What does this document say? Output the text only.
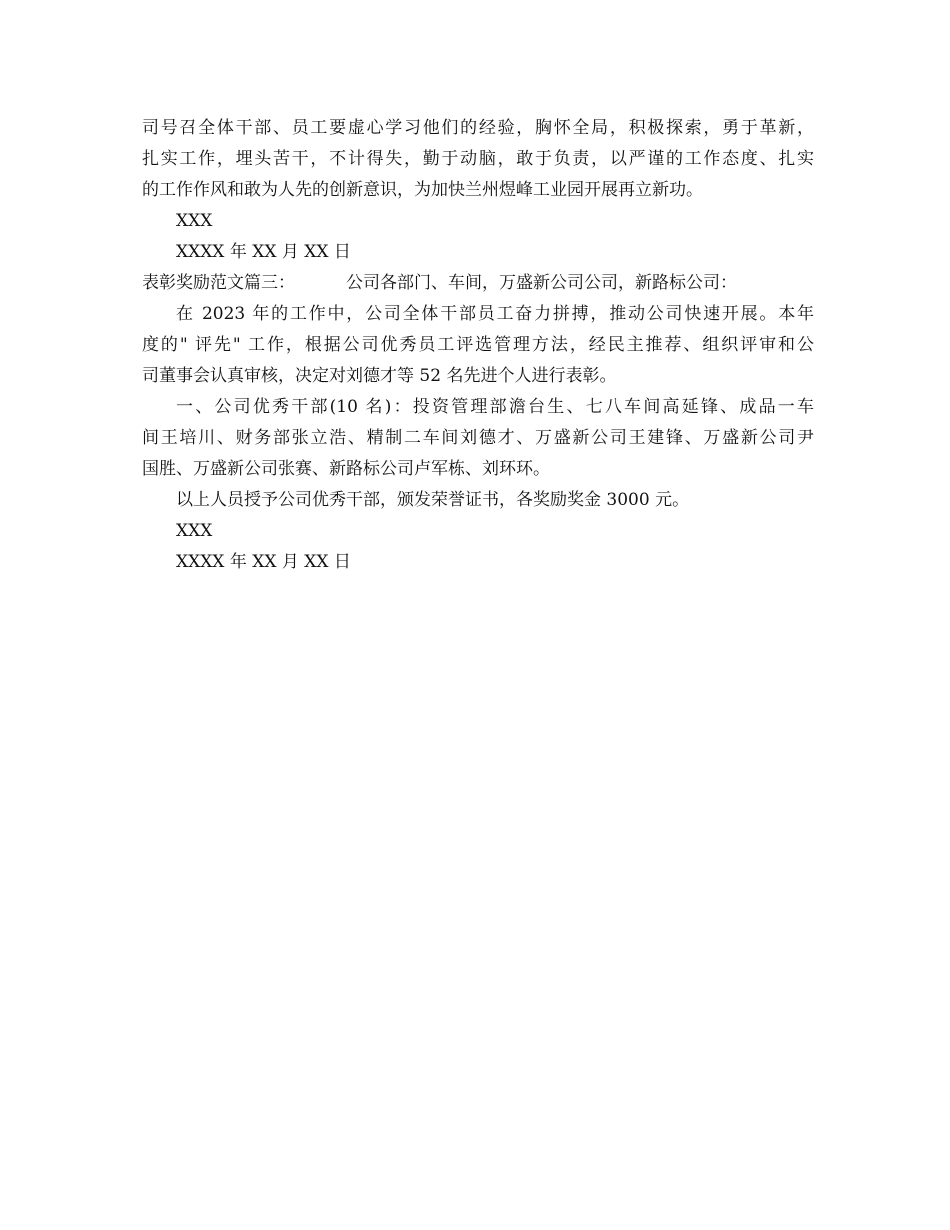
司号召全体干部、员工要虚心学习他们的经验，胸怀全局，积极探索，勇于革新，
扎实工作，埋头苦干，不计得失，勤于动脑，敢于负责，以严谨的工作态度、扎实
的工作作风和敢为人先的创新意识，为加快兰州煜峰工业园开展再立新功。
XXX
XXXX 年 XX 月 XX 日
表彰奖励范文篇三：	公司各部门、车间，万盛新公司公司，新路标公司：
在 2023 年的工作中，公司全体干部员工奋力拼搏，推动公司快速开展。本年
度的" 评先" 工作，根据公司优秀员工评选管理方法，经民主推荐、组织评审和公
司董事会认真审核，决定对刘德才等 52 名先进个人进行表彰。
一、公司优秀干部(10 名)：投资管理部澹台生、七八车间高延锋、成品一车
间王培川、财务部张立浩、精制二车间刘德才、万盛新公司王建锋、万盛新公司尹
国胜、万盛新公司张赛、新路标公司卢军栋、刘环环。
以上人员授予公司优秀干部，颁发荣誉证书，各奖励奖金 3000 元。
XXX
XXXX 年 XX 月 XX 日
